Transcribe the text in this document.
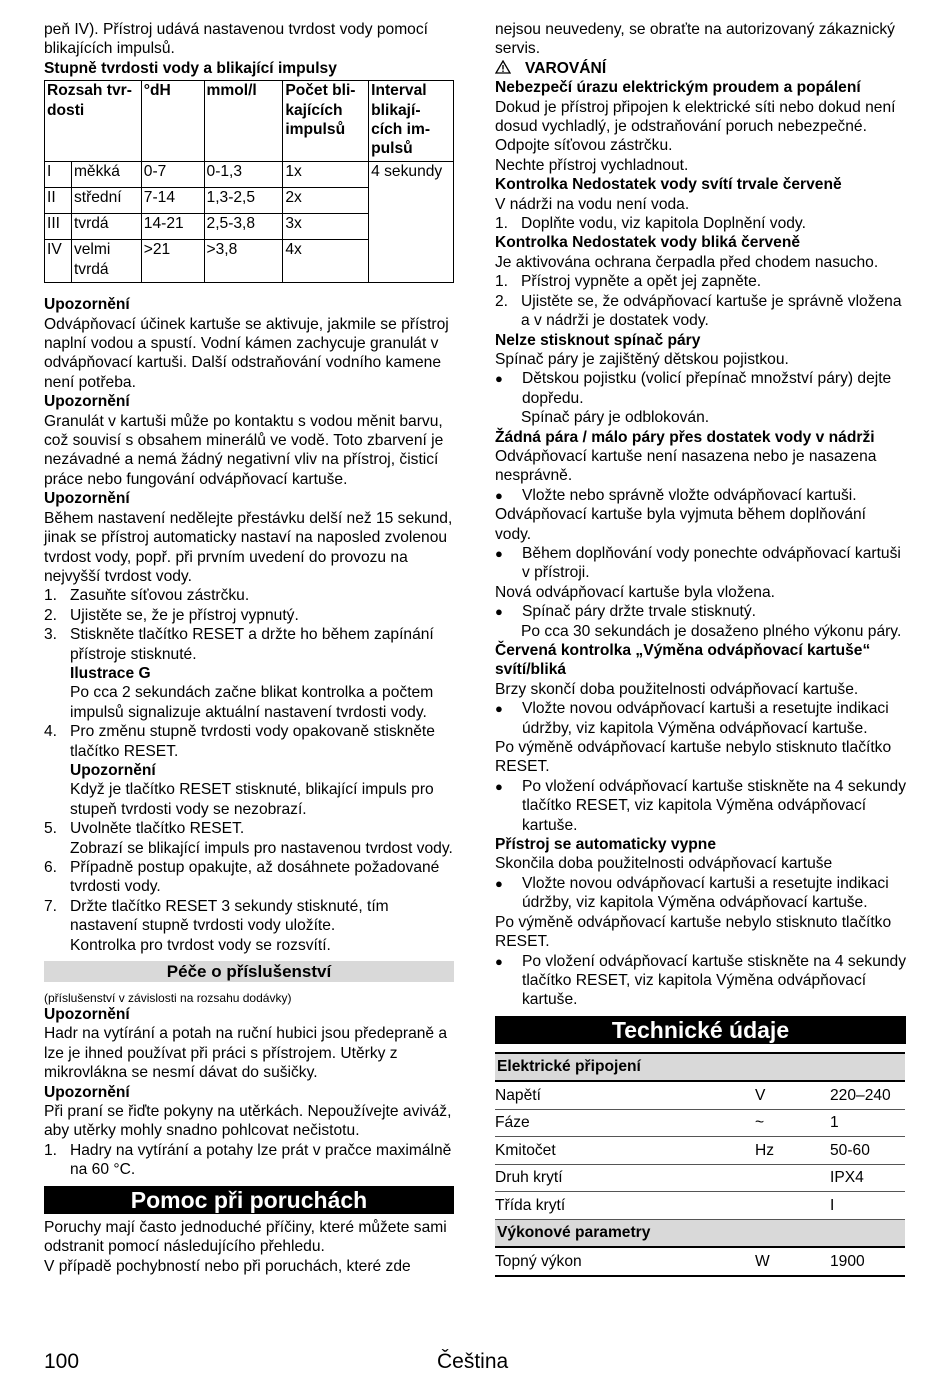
peň IV). Přístroj udává nastavenou tvrdost vody pomocí blikajících impulsů.

Stupně tvrdosti vody a blikající impulsy

Rozsah tvr-dosti		°dH	mmol/l	Počet bli-kajících impulsů	Interval blikají-cích im-pulsů
I	měkká	0-7	0-1,3	1x	4 sekundy
II	střední	7-14	1,3-2,5	2x	
III	tvrdá	14-21	2,5-3,8	3x	
IV	velmi tvrdá	>21	>3,8	4x	

Upozornění

Odvápňovací účinek kartuše se aktivuje, jakmile se přístroj naplní vodou a spustí. Vodní kámen zachycuje granulát v odvápňovací kartuši. Další odstraňování vodního kamene není potřeba.

Upozornění

Granulát v kartuši může po kontaktu s vodou měnit barvu, což souvisí s obsahem minerálů ve vodě. Toto zbarvení je nezávadné a nemá žádný negativní vliv na přístroj, čisticí práce nebo fungování odvápňovací kartuše.

Upozornění

Během nastavení nedělejte přestávku delší než 15 sekund, jinak se přístroj automaticky nastaví na naposled zvolenou tvrdost vody, popř. při prvním uvedení do provozu na nejvyšší tvrdost vody.

1. Zasuňte síťovou zástrčku.
2. Ujistěte se, že je přístroj vypnutý.
3. Stiskněte tlačítko RESET a držte ho během zapínání přístroje stisknuté.

Ilustrace G

Po cca 2 sekundách začne blikat kontrolka a počtem impulsů signalizuje aktuální nastavení tvrdosti vody.

4. Pro změnu stupně tvrdosti vody opakovaně stiskněte tlačítko RESET.

Upozornění

Když je tlačítko RESET stisknuté, blikající impuls pro stupeň tvrdosti vody se nezobrazí.

5. Uvolněte tlačítko RESET.

Zobrazí se blikající impuls pro nastavenou tvrdost vody.

6. Případně postup opakujte, až dosáhnete požadované tvrdosti vody.
7. Držte tlačítko RESET 3 sekundy stisknuté, tím nastavení stupně tvrdosti vody uložíte.

Kontrolka pro tvrdost vody se rozsvítí.

Péče o příslušenství

(příslušenství v závislosti na rozsahu dodávky)

Upozornění

Hadr na vytírání a potah na ruční hubici jsou předepraně a lze je ihned používat při práci s přístrojem. Utěrky z mikrovlákna se nesmí dávat do sušičky.

Upozornění

Při praní se řiďte pokyny na utěrkách. Nepoužívejte aviváž, aby utěrky mohly snadno pohlcovat nečistotu.

1. Hadry na vytírání a potahy lze prát v pračce maximálně na 60 °C.
Pomoc při poruchách

Poruchy mají často jednoduché příčiny, které můžete sami odstranit pomocí následujícího přehledu.

V případě pochybností nebo při poruchách, které zde

nejsou neuvedeny, se obraťte na autorizovaný zákaznický servis.

VAROVÁNÍ

Nebezpečí úrazu elektrickým proudem a popálení

Dokud je přístroj připojen k elektrické síti nebo dokud není dosud vychladlý, je odstraňování poruch nebezpečné.

Odpojte síťovou zástrčku.

Nechte přístroj vychladnout.

Kontrolka Nedostatek vody svítí trvale červeně

V nádrži na vodu není voda.

1. Doplňte vodu, viz kapitola Doplnění vody.

Kontrolka Nedostatek vody bliká červeně

Je aktivována ochrana čerpadla před chodem nasucho.

1. Přístroj vypněte a opět jej zapněte.
2. Ujistěte se, že odvápňovací kartuše je správně vložena a v nádrži je dostatek vody.

Nelze stisknout spínač páry

Spínač páry je zajištěný dětskou pojistkou.

●	Dětskou pojistku (volicí přepínač množství páry) dejte dopředu.

Spínač páry je odblokován.

Žádná pára / málo páry přes dostatek vody v nádrži

Odvápňovací kartuše není nasazena nebo je nasazena nesprávně.

●	Vložte nebo správně vložte odvápňovací kartuši.

Odvápňovací kartuše byla vyjmuta během doplňování vody.

●	Během doplňování vody ponechte odvápňovací kartuši v přístroji.

Nová odvápňovací kartuše byla vložena.

●	Spínač páry držte trvale stisknutý.

Po cca 30 sekundách je dosaženo plného výkonu páry.

Červená kontrolka „Výměna odvápňovací kartuše“ svítí/bliká

Brzy skončí doba použitelnosti odvápňovací kartuše.

●	Vložte novou odvápňovací kartuši a resetujte indikaci údržby, viz kapitola Výměna odvápňovací kartuše.

Po výměně odvápňovací kartuše nebylo stisknuto tlačítko RESET.

●	Po vložení odvápňovací kartuše stiskněte na 4 sekundy tlačítko RESET, viz kapitola Výměna odvápňovací kartuše.

Přístroj se automaticky vypne

Skončila doba použitelnosti odvápňovací kartuše

●	Vložte novou odvápňovací kartuši a resetujte indikaci údržby, viz kapitola Výměna odvápňovací kartuše.

Po výměně odvápňovací kartuše nebylo stisknuto tlačítko RESET.

●	Po vložení odvápňovací kartuše stiskněte na 4 sekundy tlačítko RESET, viz kapitola Výměna odvápňovací kartuše.
Technické údaje
Elektrické připojení		
Napětí	V	220–240
Fáze	~	1
Kmitočet	Hz	50-60
Druh krytí		IPX4
Třída krytí		I
Výkonové parametry		
Topný výkon	W	1900
100	Čeština
